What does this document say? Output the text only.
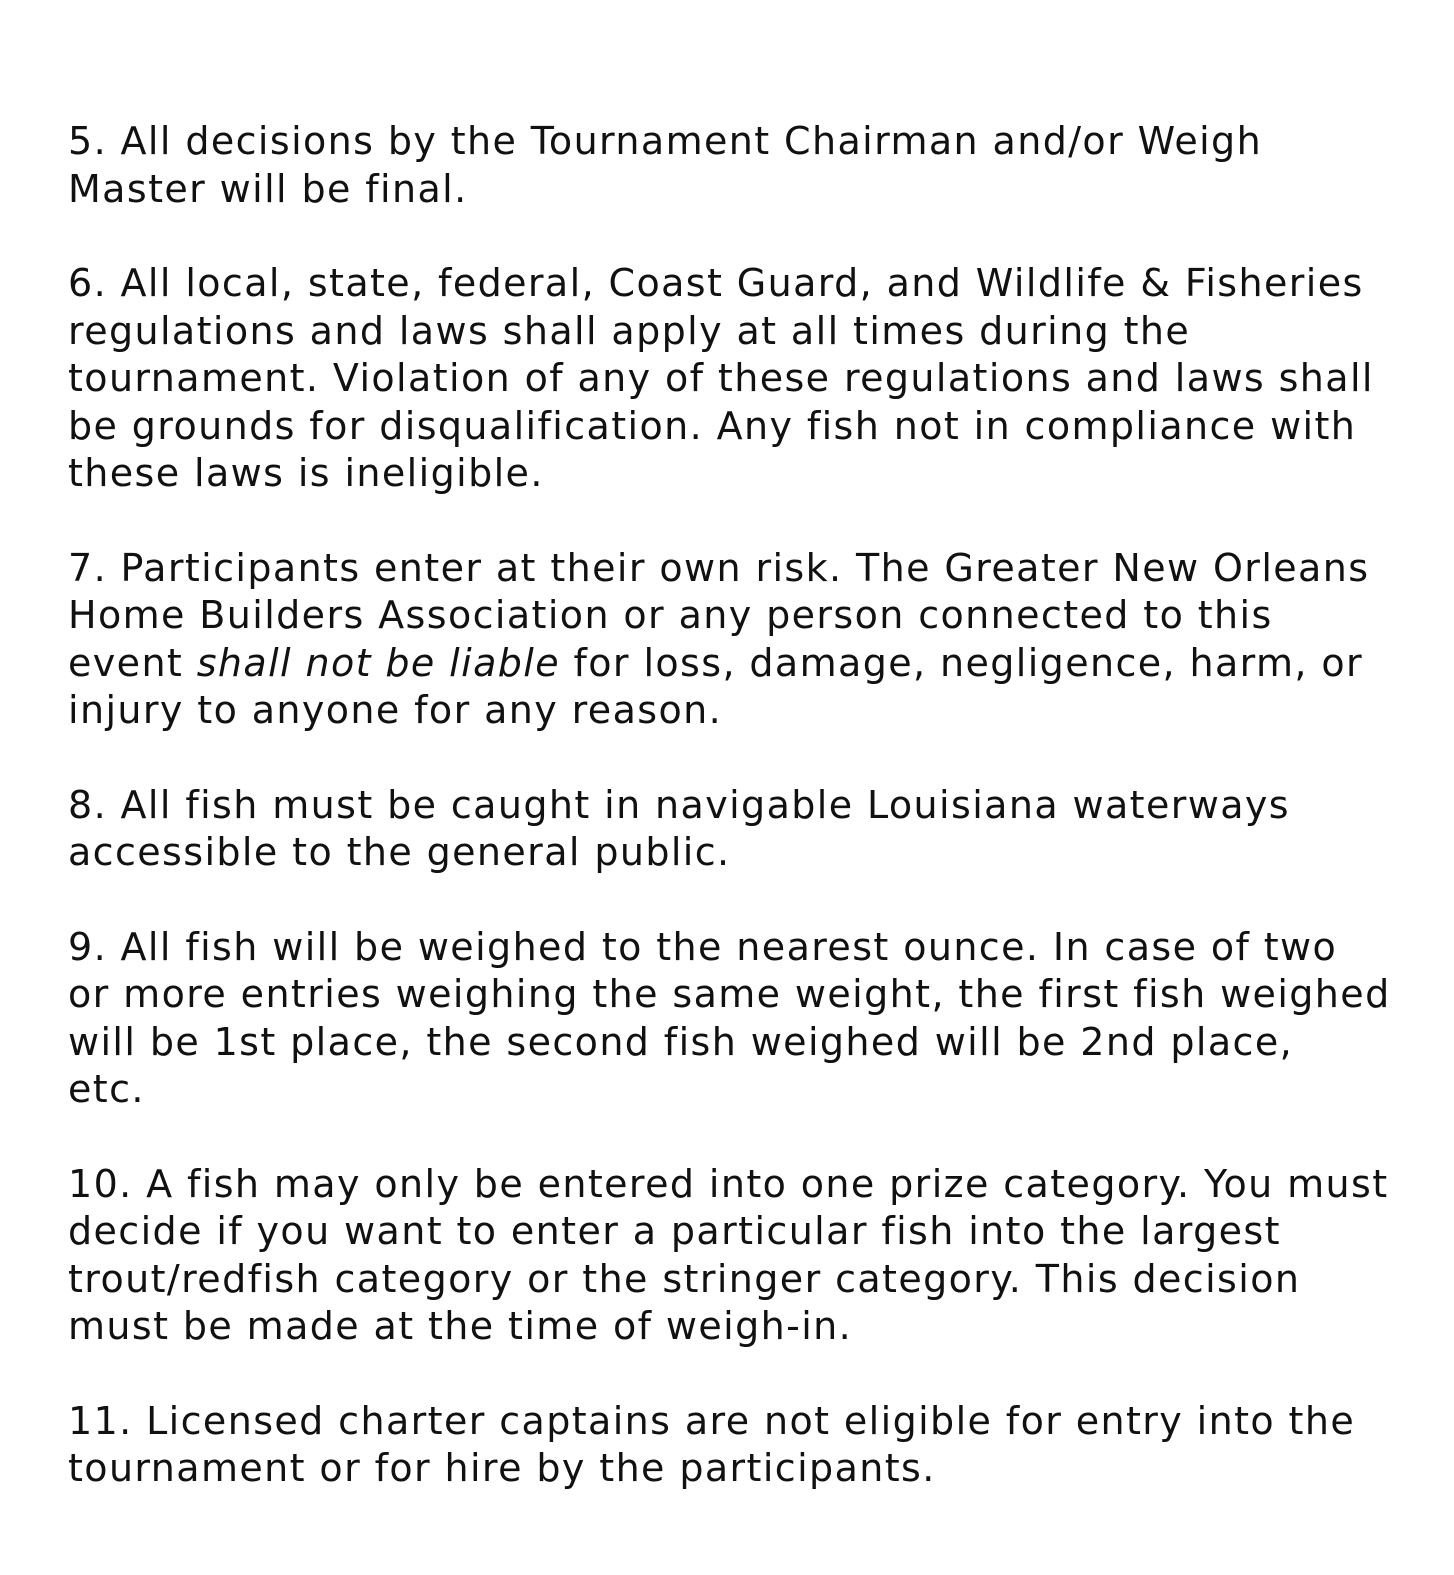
5. All decisions by the Tournament Chairman and/or Weigh
Master will be final.

6. All local, state, federal, Coast Guard, and Wildlife & Fisheries
regulations and laws shall apply at all times during the
tournament. Violation of any of these regulations and laws shall
be grounds for disqualification. Any fish not in compliance with
these laws is ineligible.

7. Participants enter at their own risk. The Greater New Orleans
Home Builders Association or any person connected to this
event shall not be liable for loss, damage, negligence, harm, or
injury to anyone for any reason.

8. All fish must be caught in navigable Louisiana waterways
accessible to the general public.

9. All fish will be weighed to the nearest ounce. In case of two
or more entries weighing the same weight, the first fish weighed
will be 1st place, the second fish weighed will be 2nd place,
etc.

10. A fish may only be entered into one prize category. You must
decide if you want to enter a particular fish into the largest
trout/redfish category or the stringer category. This decision
must be made at the time of weigh-in.

11. Licensed charter captains are not eligible for entry into the
tournament or for hire by the participants.
